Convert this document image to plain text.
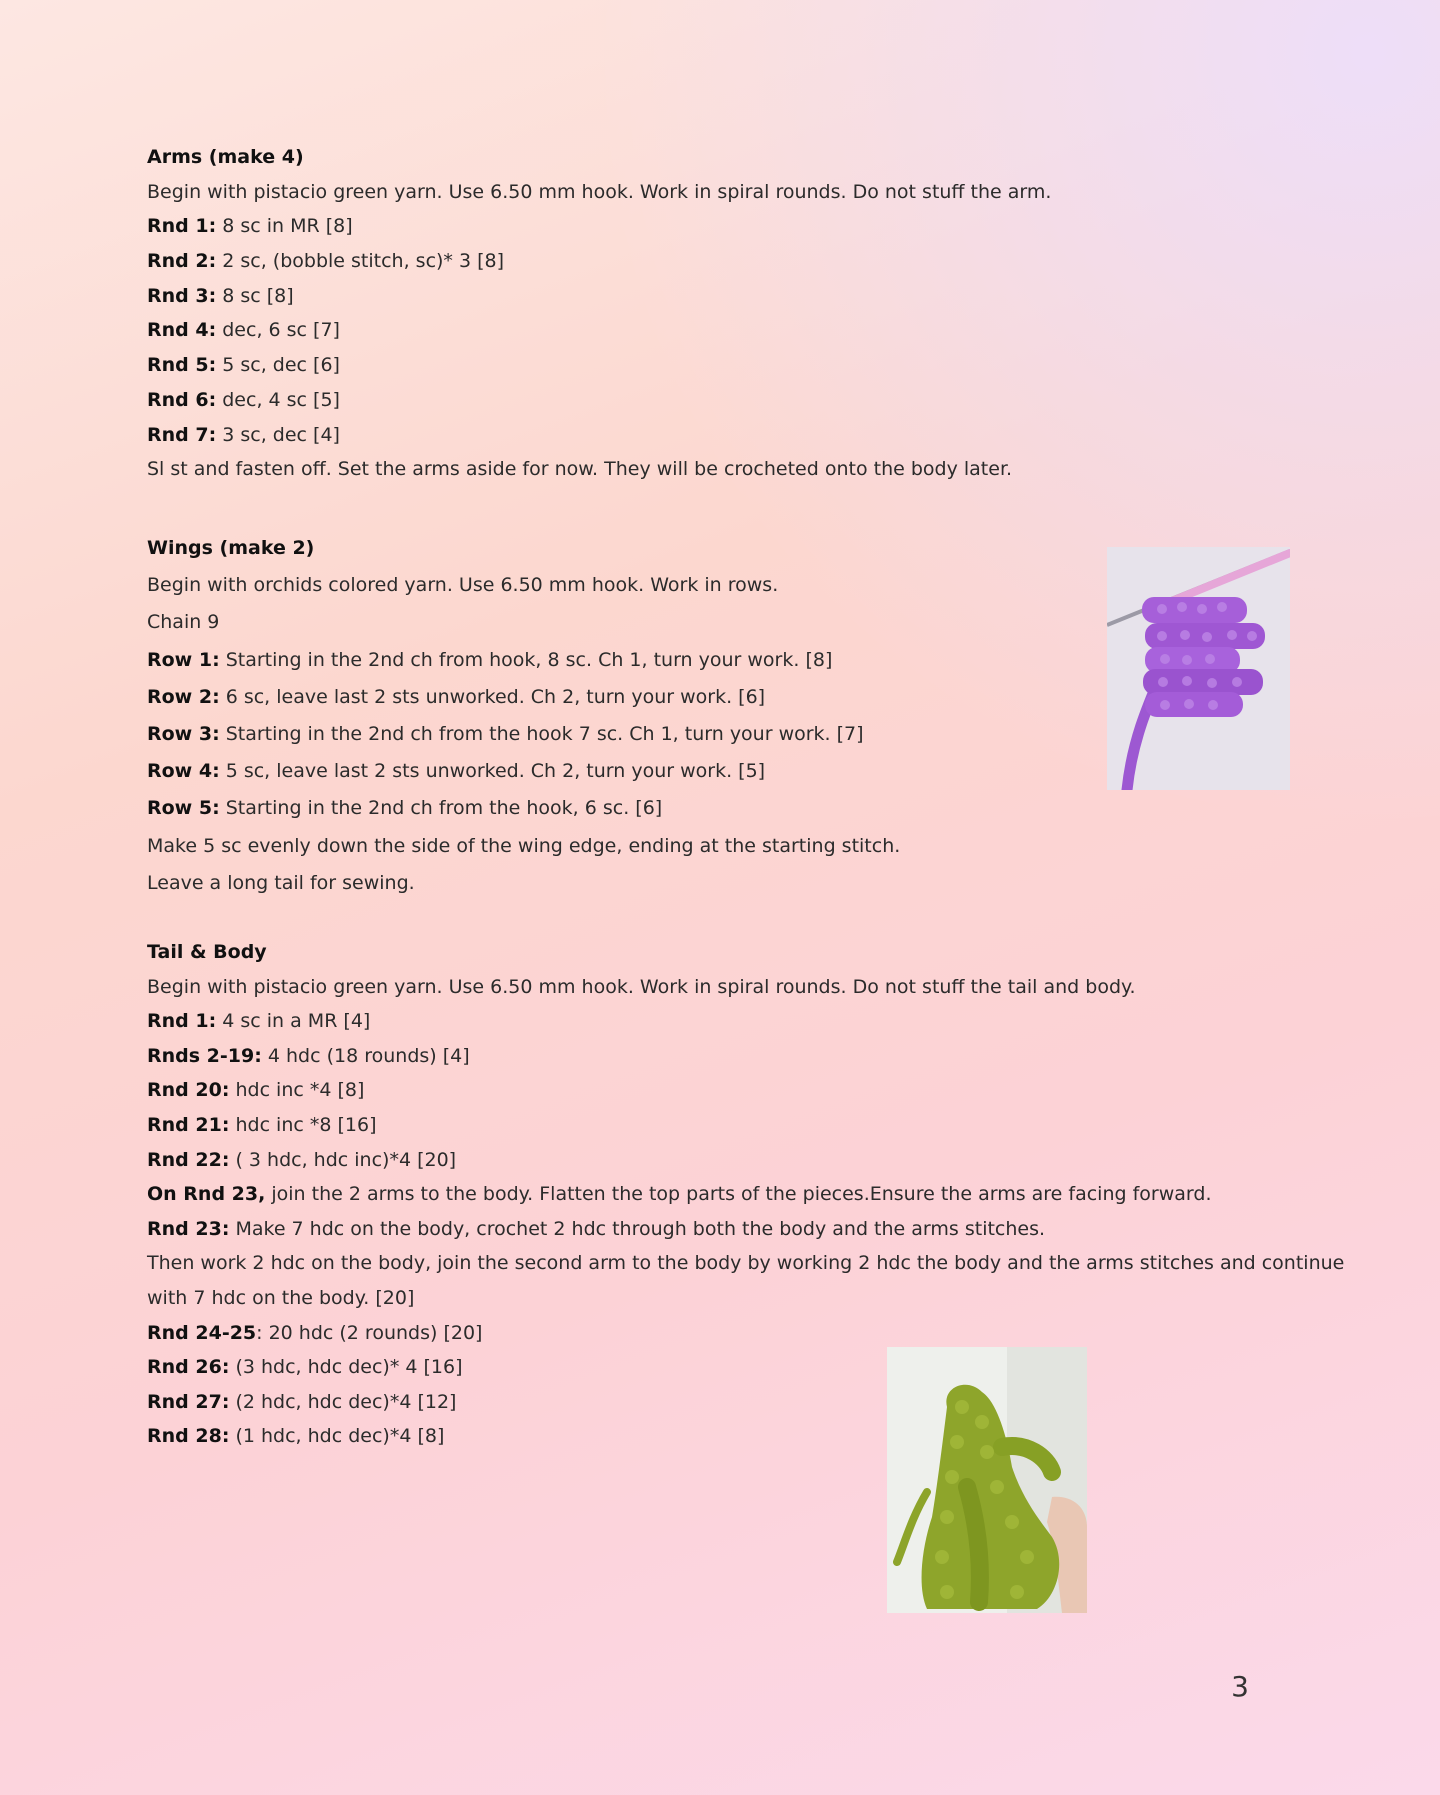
Arms (make 4)
Begin with pistacio green yarn. Use 6.50 mm hook. Work in spiral rounds. Do not stuff the arm.
Rnd 1: 8 sc in MR [8]
Rnd 2: 2 sc, (bobble stitch, sc)* 3 [8]
Rnd 3: 8 sc [8]
Rnd 4: dec, 6 sc [7]
Rnd 5: 5 sc, dec [6]
Rnd 6: dec, 4 sc [5]
Rnd 7: 3 sc, dec [4]
Sl st and fasten off. Set the arms aside for now. They will be crocheted onto the body later.
Wings (make 2)
Begin with orchids colored yarn. Use 6.50 mm hook. Work in rows.
Chain 9
Row 1: Starting in the 2nd ch from hook, 8 sc. Ch 1, turn your work. [8]
Row 2: 6 sc, leave last 2 sts unworked. Ch 2, turn your work. [6]
Row 3: Starting in the 2nd ch from the hook 7 sc. Ch 1, turn your work. [7]
Row 4: 5 sc, leave last 2 sts unworked. Ch 2, turn your work. [5]
Row 5: Starting in the 2nd ch from the hook, 6 sc. [6]
Make 5 sc evenly down the side of the wing edge, ending at the starting stitch.
Leave a long tail for sewing.
Tail & Body
Begin with pistacio green yarn. Use 6.50 mm hook. Work in spiral rounds. Do not stuff the tail and body.
Rnd 1: 4 sc in a MR [4]
Rnds 2-19: 4 hdc (18 rounds) [4]
Rnd 20: hdc inc *4 [8]
Rnd 21: hdc inc *8 [16]
Rnd 22: ( 3 hdc, hdc inc)*4 [20]
On Rnd 23, join the 2 arms to the body. Flatten the top parts of the pieces.Ensure the arms are facing forward.
Rnd 23: Make 7 hdc on the body, crochet 2 hdc through both the body and the arms stitches.
Then work 2 hdc on the body, join the second arm to the body by working 2 hdc the body and the arms stitches and continue
with 7 hdc on the body. [20]
Rnd 24-25: 20 hdc (2 rounds) [20]
Rnd 26: (3 hdc, hdc dec)* 4 [16]
Rnd 27: (2 hdc, hdc dec)*4 [12]
Rnd 28: (1 hdc, hdc dec)*4 [8]
3
